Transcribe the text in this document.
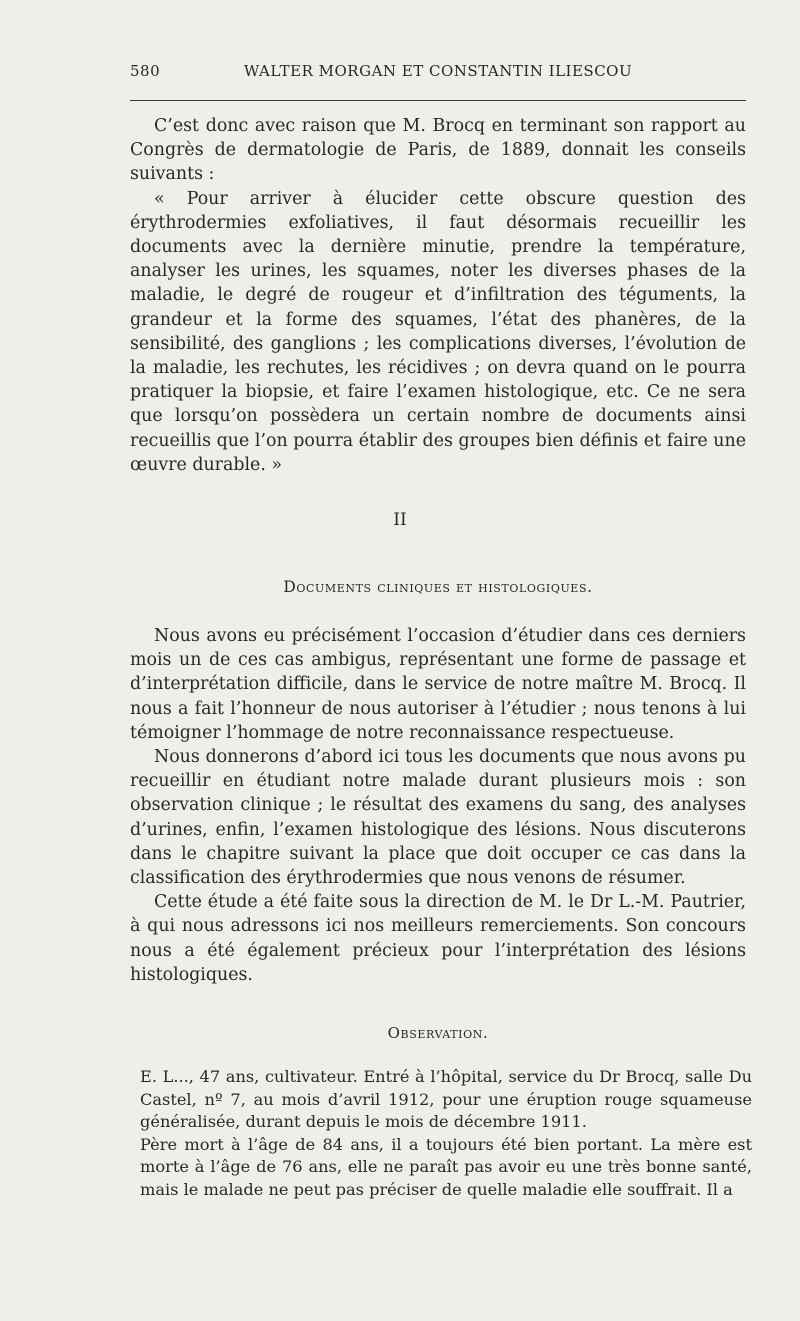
580	WALTER MORGAN ET CONSTANTIN ILIESCOU

C’est donc avec raison que M. Brocq en terminant son rapport au Congrès de dermatologie de Paris, de 1889, donnait les conseils suivants :

« Pour arriver à élucider cette obscure question des érythrodermies exfoliatives, il faut désormais recueillir les documents avec la dernière minutie, prendre la température, analyser les urines, les squames, noter les diverses phases de la maladie, le degré de rougeur et d’infiltration des téguments, la grandeur et la forme des squames, l’état des phanères, de la sensibilité, des ganglions ; les complications diverses, l’évolution de la maladie, les rechutes, les récidives ; on devra quand on le pourra pratiquer la biopsie, et faire l’examen histologique, etc. Ce ne sera que lorsqu’on possèdera un certain nombre de documents ainsi recueillis que l’on pourra établir des groupes bien définis et faire une œuvre durable. »

II
Documents cliniques et histologiques.

Nous avons eu précisément l’occasion d’étudier dans ces derniers mois un de ces cas ambigus, représentant une forme de passage et d’interprétation difficile, dans le service de notre maître M. Brocq. Il nous a fait l’honneur de nous autoriser à l’étudier ; nous tenons à lui témoigner l’hommage de notre reconnaissance respectueuse.

Nous donnerons d’abord ici tous les documents que nous avons pu recueillir en étudiant notre malade durant plusieurs mois : son observation clinique ; le résultat des examens du sang, des analyses d’urines, enfin, l’examen histologique des lésions. Nous discuterons dans le chapitre suivant la place que doit occuper ce cas dans la classification des érythrodermies que nous venons de résumer.

Cette étude a été faite sous la direction de M. le Dr L.-M. Pautrier, à qui nous adressons ici nos meilleurs remerciements. Son concours nous a été également précieux pour l’interprétation des lésions histologiques.

Observation.

E. L..., 47 ans, cultivateur. Entré à l’hôpital, service du Dr Brocq, salle Du Castel, nº 7, au mois d’avril 1912, pour une éruption rouge squameuse généralisée, durant depuis le mois de décembre 1911.

Père mort à l’âge de 84 ans, il a toujours été bien portant. La mère est morte à l’âge de 76 ans, elle ne paraît pas avoir eu une très bonne santé, mais le malade ne peut pas préciser de quelle maladie elle souffrait. Il a
